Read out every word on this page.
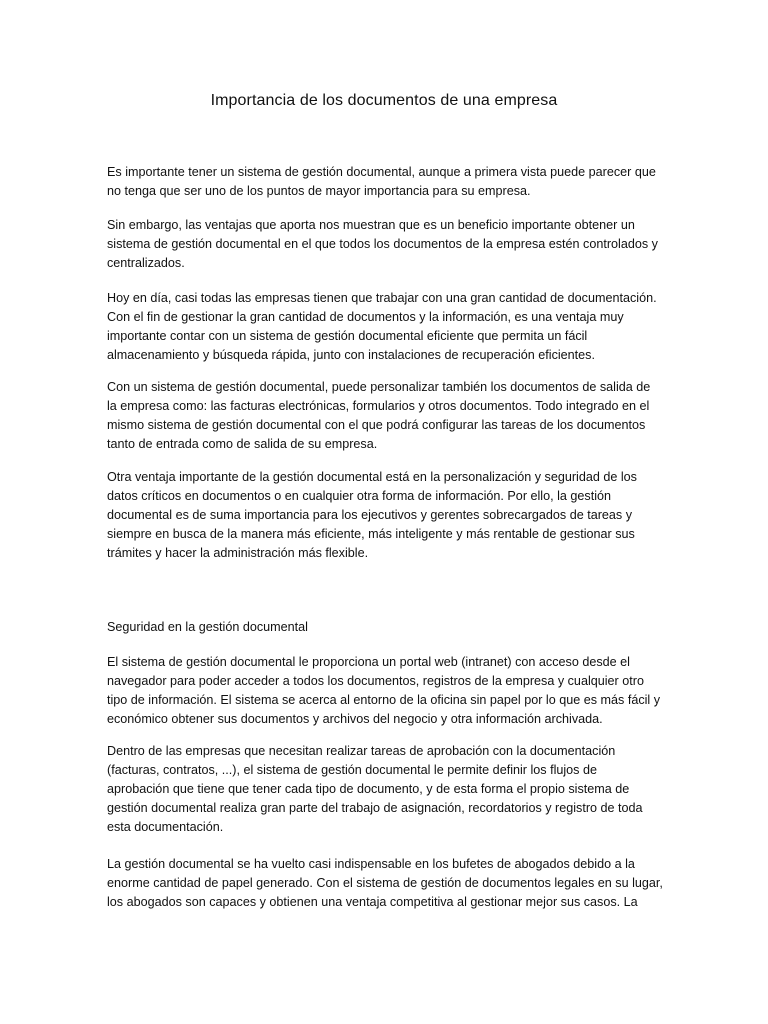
Importancia de los documentos de una empresa

Es importante tener un sistema de gestión documental, aunque a primera vista puede parecer que
no tenga que ser uno de los puntos de mayor importancia para su empresa.

Sin embargo, las ventajas que aporta nos muestran que es un beneficio importante obtener un
sistema de gestión documental en el que todos los documentos de la empresa estén controlados y
centralizados.

Hoy en día, casi todas las empresas tienen que trabajar con una gran cantidad de documentación.
Con el fin de gestionar la gran cantidad de documentos y la información, es una ventaja muy
importante contar con un sistema de gestión documental eficiente que permita un fácil
almacenamiento y búsqueda rápida, junto con instalaciones de recuperación eficientes.

Con un sistema de gestión documental, puede personalizar también los documentos de salida de
la empresa como: las facturas electrónicas, formularios y otros documentos. Todo integrado en el
mismo sistema de gestión documental con el que podrá configurar las tareas de los documentos
tanto de entrada como de salida de su empresa.

Otra ventaja importante de la gestión documental está en la personalización y seguridad de los
datos críticos en documentos o en cualquier otra forma de información. Por ello, la gestión
documental es de suma importancia para los ejecutivos y gerentes sobrecargados de tareas y
siempre en busca de la manera más eficiente, más inteligente y más rentable de gestionar sus
trámites y hacer la administración más flexible.

Seguridad en la gestión documental

El sistema de gestión documental le proporciona un portal web (intranet) con acceso desde el
navegador para poder acceder a todos los documentos, registros de la empresa y cualquier otro
tipo de información. El sistema se acerca al entorno de la oficina sin papel por lo que es más fácil y
económico obtener sus documentos y archivos del negocio y otra información archivada.

Dentro de las empresas que necesitan realizar tareas de aprobación con la documentación
(facturas, contratos, ...), el sistema de gestión documental le permite definir los flujos de
aprobación que tiene que tener cada tipo de documento, y de esta forma el propio sistema de
gestión documental realiza gran parte del trabajo de asignación, recordatorios y registro de toda
esta documentación.

La gestión documental se ha vuelto casi indispensable en los bufetes de abogados debido a la
enorme cantidad de papel generado. Con el sistema de gestión de documentos legales en su lugar,
los abogados son capaces y obtienen una ventaja competitiva al gestionar mejor sus casos. La
